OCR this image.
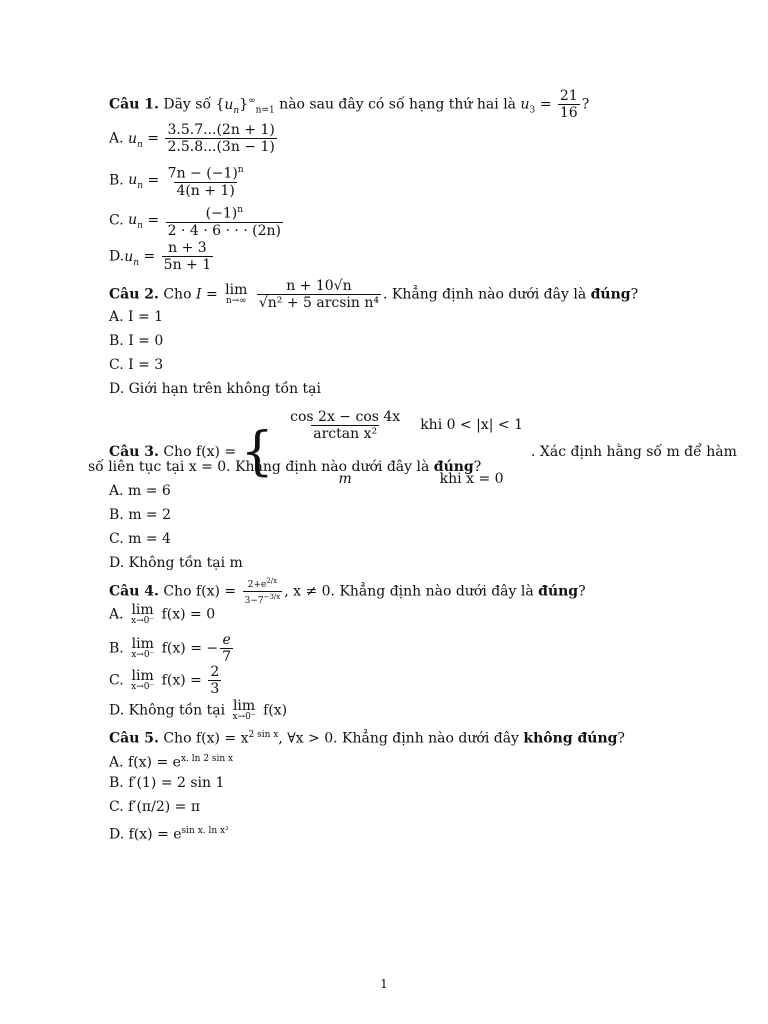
Câu 1. Dãy số $\{u_n\}^\infty_{n=1}$ nào sau đây có số hạng thứ hai là $u_3 = \frac{21}{16}$ ?
A. $u_n = \frac{3.5.7...(2n + 1)}{2.5.8...(3n - 1)}$
B. $u_n = \frac{7n - (-1)^n}{4(n + 1)}$
C. $u_n = \frac{(-1)^n}{2 \cdot 4 \cdot 6 \cdot \cdot \cdot (2n)}$
$D.u_n = \frac{n + 3}{5n + 1}$
Câu 2. Cho I = lim
n→∞
$\frac{n + 10√n}{\text{√n² + 5 arcsin n⁴}}$ . Khẳng định nào dưới đây là đúng?
A. I = 1
B. I = 0
C. I = 3
D. Giới hạn trên không tồn tại
Câu 3. Cho f(x) = { $\frac{\cos 2x - \cos 4x}{\text{arctan x²}}$	khi 0 < |x| < 1
m	khi x = 0
. Xác định hằng số m để hàm
số liên tục tại x = 0. Khẳng định nào dưới đây là đúng?
A. m = 6
B. m = 2
C. m = 4
D. Không tồn tại m
Câu 4. Cho $f(x) = \frac{2+e^{2/x}}{3-7^{-3/x}}$ , x ≠ 0. Khẳng định nào dưới đây là đúng?
A. lim
x→0⁻ f(x) = 0
B. lim
x→0⁻ f(x) = − $\frac{e}{7}$
C. lim
x→0⁻ $f(x) = \frac{2}{3}$
D. Không tồn tại lim
x→0⁻ f(x)
Câu 5. Cho $f(x) = x^{2 sin x}$, ∀x > 0. Khẳng định nào dưới đây không đúng?
A. $f(x) = e^{x. ln 2 sin x}$
B. f′(1) = 2 sin 1
C. f′(π/2) = π
D. $f(x) = e^{sin x. ln x^2}$
1
